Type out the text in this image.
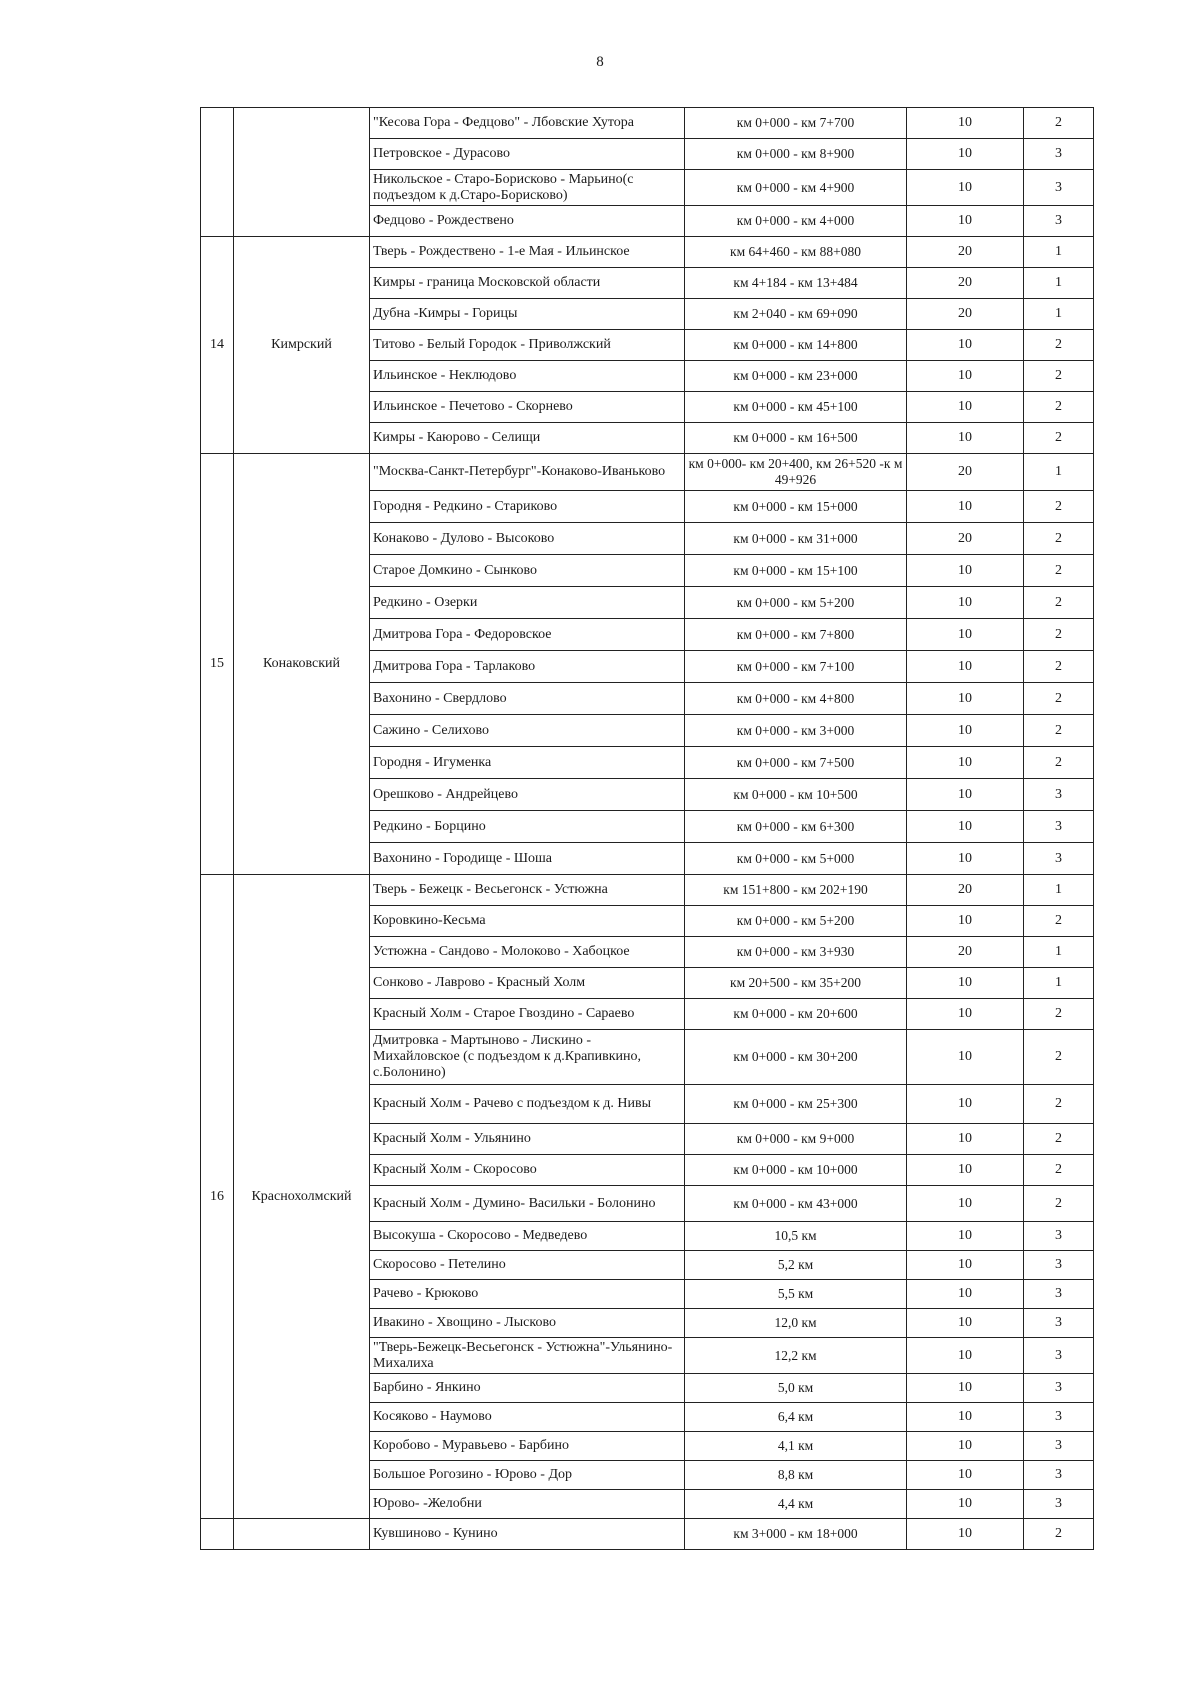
8
		"Кесова Гора - Федцово" - Лбовские Хутора	км 0+000 - км 7+700	10	2
		Петровское - Дурасово	км 0+000 - км 8+900	10	3
		Никольское - Старо-Борисково - Марьино(с подъездом к д.Старо-Борисково)	км 0+000 - км 4+900	10	3
		Федцово - Рождествено	км 0+000 - км 4+000	10	3
14	Кимрский	Тверь - Рождествено - 1-е Мая - Ильинское	км 64+460 - км 88+080	20	1
		Кимры - граница Московской области	км 4+184 - км 13+484	20	1
		Дубна -Кимры - Горицы	км 2+040 - км 69+090	20	1
		Титово - Белый Городок - Приволжский	км 0+000 - км 14+800	10	2
		Ильинское - Неклюдово	км 0+000 - км 23+000	10	2
		Ильинское - Печетово - Скорнево	км 0+000 - км 45+100	10	2
		Кимры - Каюрово - Селищи	км 0+000 - км 16+500	10	2
15	Конаковский	"Москва-Санкт-Петербург"-Конаково-Иваньково	км 0+000- км 20+400, км 26+520 -к м 49+926	20	1
		Городня - Редкино - Стариково	км 0+000 - км 15+000	10	2
		Конаково - Дулово - Высоково	км 0+000 - км 31+000	20	2
		Старое Домкино - Сынково	км 0+000 - км 15+100	10	2
		Редкино - Озерки	км 0+000 - км 5+200	10	2
		Дмитрова Гора - Федоровское	км 0+000 - км 7+800	10	2
		Дмитрова Гора - Тарлаково	км 0+000 - км 7+100	10	2
		Вахонино - Свердлово	км 0+000 - км 4+800	10	2
		Сажино - Селихово	км 0+000 - км 3+000	10	2
		Городня - Игуменка	км 0+000 - км 7+500	10	2
		Орешково - Андрейцево	км 0+000 - км 10+500	10	3
		Редкино - Борцино	км 0+000 - км 6+300	10	3
		Вахонино - Городище - Шоша	км 0+000 - км 5+000	10	3
16	Краснохолмский	Тверь - Бежецк - Весьегонск - Устюжна	км 151+800 - км 202+190	20	1
		Коровкино-Кесьма	км 0+000 - км 5+200	10	2
		Устюжна - Сандово - Молоково - Хабоцкое	км 0+000 - км 3+930	20	1
		Сонково - Лаврово - Красный Холм	км 20+500 - км 35+200	10	1
		Красный Холм - Старое Гвоздино - Сараево	км 0+000 - км 20+600	10	2
		Дмитровка - Мартыново - Лискино - Михайловское (с подъездом к д.Крапивкино, с.Болонино)	км 0+000 - км 30+200	10	2
		Красный Холм - Рачево с подъездом к д. Нивы	км 0+000 - км 25+300	10	2
		Красный Холм - Ульянино	км 0+000 - км 9+000	10	2
		Красный Холм - Скоросово	км 0+000 - км 10+000	10	2
		Красный Холм - Думино- Васильки - Болонино	км 0+000 - км 43+000	10	2
		Высокуша - Скоросово - Медведево	10,5 км	10	3
		Скоросово - Петелино	5,2 км	10	3
		Рачево - Крюково	5,5 км	10	3
		Ивакино - Хвощино - Лысково	12,0 км	10	3
		"Тверь-Бежецк-Весьегонск - Устюжна"-Ульянино-Михалиха	12,2 км	10	3
		Барбино - Янкино	5,0 км	10	3
		Косяково - Наумово	6,4 км	10	3
		Коробово - Муравьево - Барбино	4,1 км	10	3
		Большое Рогозино - Юрово - Дор	8,8 км	10	3
		Юрово- -Желобни	4,4 км	10	3
		Кувшиново - Кунино	км 3+000 - км 18+000	10	2
